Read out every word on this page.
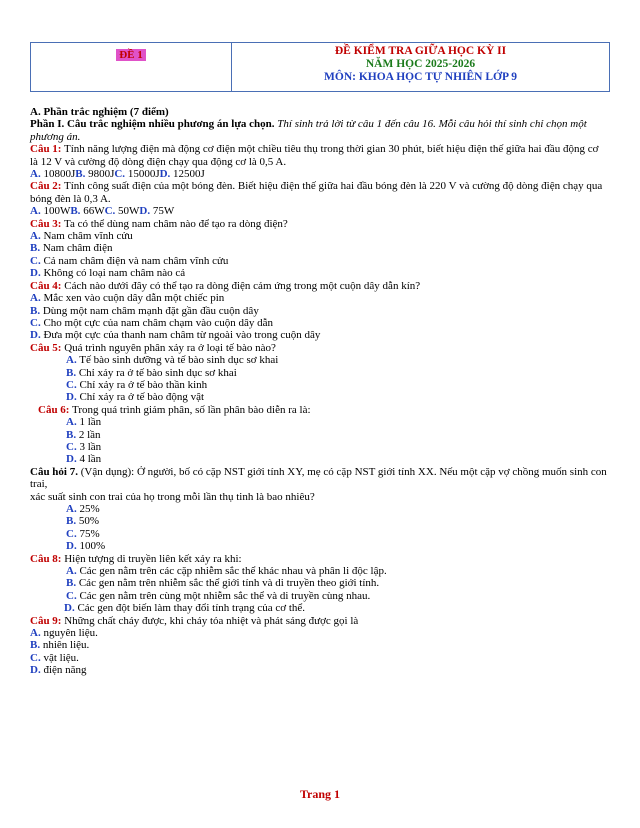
ĐỀ 1	ĐỀ KIỂM TRA GIỮA HỌC KỲ II
NĂM HỌC 2025-2026
MÔN: KHOA HỌC TỰ NHIÊN LỚP 9
A. Phần trắc nghiệm (7 điểm)
Phần I. Câu trắc nghiệm nhiều phương án lựa chọn. Thí sinh trả lời từ câu 1 đến câu 16. Mỗi câu hỏi thí sinh chỉ chọn một phương án.
Câu 1: Tính năng lượng điện mà động cơ điện một chiều tiêu thụ trong thời gian 30 phút, biết hiệu điện thế giữa hai đầu động cơ là 12 V và cường độ dòng điện chạy qua động cơ là 0,5 A.
A. 10800JB. 9800JC. 15000JD. 12500J
Câu 2: Tính công suất điện của một bóng đèn. Biết hiệu điện thế giữa hai đầu bóng đèn là 220 V và cường độ dòng điện chạy qua bóng đèn là 0,3 A.
A. 100WB. 66WC. 50WD. 75W
Câu 3: Ta có thể dùng nam châm nào để tạo ra dòng điện?
A. Nam châm vĩnh cửu
B. Nam châm điện
C. Cả nam châm điện và nam châm vĩnh cửu
D. Không có loại nam châm nào cả
Câu 4: Cách nào dưới đây có thể tạo ra dòng điện cảm ứng trong một cuộn dây dẫn kín?
A. Mắc xen vào cuộn dây dẫn một chiếc pin
B. Dùng một nam châm mạnh đặt gần đầu cuộn dây
C. Cho một cực của nam châm chạm vào cuộn dây dẫn
D. Đưa một cực của thanh nam châm từ ngoài vào trong cuộn dây
Câu 5: Quá trình nguyên phân xảy ra ở loại tế bào nào?
A. Tế bào sinh dưỡng và tế bào sinh dục sơ khai
B. Chỉ xảy ra ở tế bào sinh dục sơ khai
C. Chỉ xảy ra ở tế bào thần kinh
D. Chỉ xảy ra ở tế bào động vật
Câu 6: Trong quá trình giảm phân, số lần phân bào diễn ra là:
A. 1 lần
B. 2 lần
C. 3 lần
D. 4 lần
Câu hỏi 7. (Vận dụng): Ở người, bố có cặp NST giới tính XY, mẹ có cặp NST giới tính XX. Nếu một cặp vợ chồng muốn sinh con trai,
xác suất sinh con trai của họ trong mỗi lần thụ tinh là bao nhiêu?
A. 25%
B. 50%
C. 75%
D. 100%
Câu 8: Hiện tượng di truyền liên kết xảy ra khi:
A. Các gen nằm trên các cặp nhiễm sắc thể khác nhau và phân li độc lập.
B. Các gen nằm trên nhiễm sắc thể giới tính và di truyền theo giới tính.
C. Các gen nằm trên cùng một nhiễm sắc thể và di truyền cùng nhau.
D. Các gen đột biến làm thay đổi tính trạng của cơ thể.
Câu 9: Những chất cháy được, khi cháy tỏa nhiệt và phát sáng được gọi là
A. nguyên liệu.
B. nhiên liệu.
C. vật liệu.
D. điện năng
Trang 1
